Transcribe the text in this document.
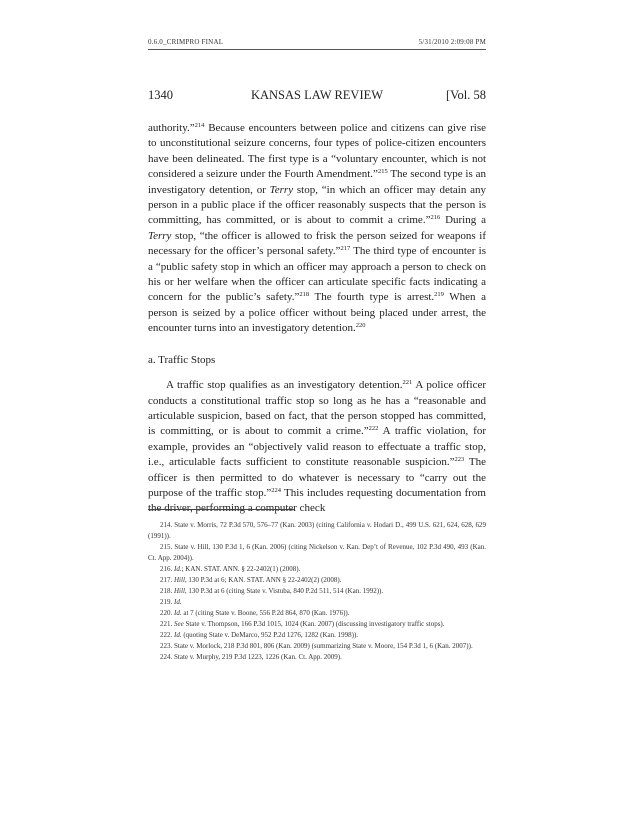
0.6.0_CRIMPRO FINAL	5/31/2010 2:09:08 PM
1340	KANSAS LAW REVIEW	[Vol. 58

authority.”$^{214}$ Because encounters between police and citizens can give rise to unconstitutional seizure concerns, four types of police-citizen encounters have been delineated. The first type is a “voluntary encounter, which is not considered a seizure under the Fourth Amendment.”$^{215}$ The second type is an investigatory detention, or Terry stop, “in which an officer may detain any person in a public place if the officer reasonably suspects that the person is committing, has committed, or is about to commit a crime.”$^{216}$ During a Terry stop, “the officer is allowed to frisk the person seized for weapons if necessary for the officer’s personal safety.”$^{217}$ The third type of encounter is a “public safety stop in which an officer may approach a person to check on his or her welfare when the officer can articulate specific facts indicating a concern for the public’s safety.”$^{218}$ The fourth type is arrest.$^{219}$ When a person is seized by a police officer without being placed under arrest, the encounter turns into an investigatory detention.$^{220}$

a. Traffic Stops

A traffic stop qualifies as an investigatory detention.$^{221}$ A police officer conducts a constitutional traffic stop so long as he has a “reasonable and articulable suspicion, based on fact, that the person stopped has committed, is committing, or is about to commit a crime.”$^{222}$ A traffic violation, for example, provides an “objectively valid reason to effectuate a traffic stop, i.e., articulable facts sufficient to constitute reasonable suspicion.”$^{223}$ The officer is then permitted to do whatever is necessary to “carry out the purpose of the traffic stop.”$^{224}$ This includes requesting documentation from the driver, performing a computer check

214. State v. Morris, 72 P.3d 570, 576–77 (Kan. 2003) (citing California v. Hodari D., 499 U.S. 621, 624, 628, 629 (1991)).

215. State v. Hill, 130 P.3d 1, 6 (Kan. 2006) (citing Nickelson v. Kan. Dep’t of Revenue, 102 P.3d 490, 493 (Kan. Ct. App. 2004)).

216. Id.; KAN. STAT. ANN. § 22-2402(1) (2008).

217. Hill, 130 P.3d at 6; KAN. STAT. ANN § 22-2402(2) (2008).

218. Hill, 130 P.3d at 6 (citing State v. Vistuba, 840 P.2d 511, 514 (Kan. 1992)).

219. Id.

220. Id. at 7 (citing State v. Boone, 556 P.2d 864, 870 (Kan. 1976)).

221. See State v. Thompson, 166 P.3d 1015, 1024 (Kan. 2007) (discussing investigatory traffic stops).

222. Id. (quoting State v. DeMarco, 952 P.2d 1276, 1282 (Kan. 1998)).

223. State v. Morlock, 218 P.3d 801, 806 (Kan. 2009) (summarizing State v. Moore, 154 P.3d 1, 6 (Kan. 2007)).

224. State v. Murphy, 219 P.3d 1223, 1226 (Kan. Ct. App. 2009).
